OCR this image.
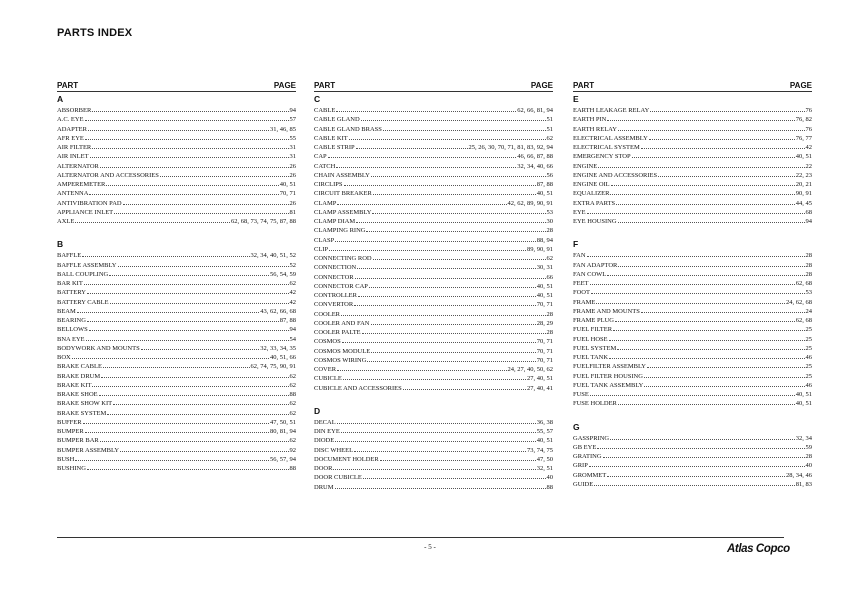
PARTS INDEX
PART	PAGE
A
ABSORBER	94
A.C. EYE	57
ADAPTER	31, 46, 85
AFR EYE	55
AIR FILTER	31
AIR INLET	31
ALTERNATOR	26
ALTERNATOR AND ACCESSORIES	26
AMPEREMETER	40, 51
ANTENNA	70, 71
ANTIVIBRATION PAD	26
APPLIANCE INLET	81
AXLE	62, 68, 73, 74, 75, 87, 88
B
BAFFLE	32, 34, 40, 51, 52
BAFFLE ASSEMBLY	52
BALL COUPLING	56, 54, 59
BAR KIT	62
BATTERY	42
BATTERY CABLE	42
BEAM	43, 62, 66, 68
BEARING	87, 88
BELLOWS	94
BNA EYE	54
BODYWORK AND MOUNTS	32, 33, 34, 35
BOX	40, 51, 66
BRAKE CABLE	62, 74, 75, 90, 91
BRAKE DRUM	62
BRAKE KIT	62
BRAKE SHOE	88
BRAKE SHOW KIT	62
BRAKE SYSTEM	62
BUFFER	47, 50, 51
BUMPER	80, 81, 94
BUMPER BAR	62
BUMPER ASSEMBLY	92
BUSH	56, 57, 94
BUSHING	88
PART	PAGE
C
CABLE	62, 66, 81, 94
CABLE GLAND	51
CABLE GLAND BRASS	51
CABLE KIT	62
CABLE STRIP	25, 26, 30, 70, 71, 81, 83, 92, 94
CAP	46, 66, 87, 88
CATCH	32, 34, 40, 66
CHAIN ASSEMBLY	56
CIRCLIPS	87, 88
CIRCUIT BREAKER	40, 51
CLAMP	42, 62, 89, 90, 91
CLAMP ASSEMBLY	53
CLAMP DIAM	30
CLAMPING RING	28
CLASP	88, 94
CLIP	89, 90, 91
CONNECTING ROD	62
CONNECTION	30, 31
CONNECTOR	66
CONNECTOR CAP	40, 51
CONTROLLER	40, 51
CONVERTOR	70, 71
COOLER	28
COOLER AND FAN	28, 29
COOLER PALTE	28
COSMOS	70, 71
COSMOS MODULE	70, 71
COSMOS WIRING	70, 71
COVER	24, 27, 40, 50, 62
CUBICLE	27, 40, 51
CUBICLE AND ACCESSORIES	27, 40, 41
D
DECAL	36, 38
DIN EYE	55, 57
DIODE	40, 51
DISC WHEEL	73, 74, 75
DOCUMENT HOLDER	47, 50
DOOR	32, 51
DOOR CUBICLE	40
DRUM	88
PART	PAGE
E
EARTH LEAKAGE RELAY	76
EARTH PIN	76, 82
EARTH RELAY	76
ELECTRICAL ASSEMBLY	76, 77
ELECTRICAL SYSTEM	42
EMERGENCY STOP	40, 51
ENGINE	22
ENGINE AND ACCESSORIES	22, 23
ENGINE OIL	20, 21
EQUALIZER	90, 91
EXTRA PARTS	44, 45
EYE	68
EYE HOUSING	94
F
FAN	28
FAN ADAPTOR	28
FAN COWL	28
FEET	62, 68
FOOT	53
FRAME	24, 62, 68
FRAME AND MOUNTS	24
FRAME PLUG	62, 68
FUEL FILTER	25
FUEL HOSE	25
FUEL SYSTEM	25
FUEL TANK	46
FUELFILTER ASSEMBLY	25
FUEL FILTER HOUSING	25
FUEL TANK ASSEMBLY	46
FUSE	40, 51
FUSE HOLDER	40, 51
G
GASSPRING	32, 34
GB EYE	59
GRATING	28
GRIP	40
GROMMET	28, 34, 46
GUIDE	81, 83
- 5 -	Atlas Copco
